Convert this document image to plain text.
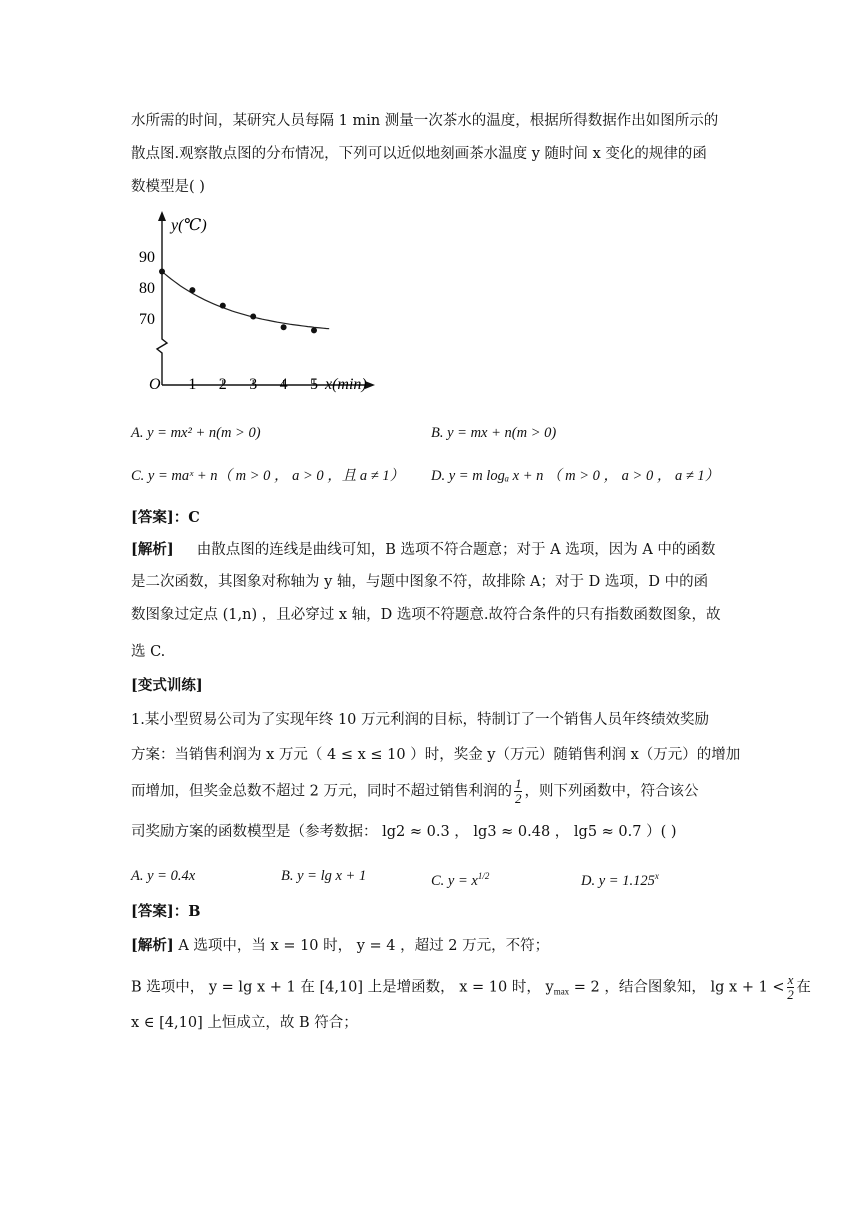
水所需的时间，某研究人员每隔 1 min 测量一次茶水的温度，根据所得数据作出如图所示的
散点图.观察散点图的分布情况，下列可以近似地刻画茶水温度 y 随时间 x 变化的规律的函
数模型是( )
y(℃)
x(min)
O
70
80
90
1 2 3 4 5
A. y = mx² + n(m > 0)	B. y = mx + n(m > 0)
C. y = maˣ + n（ m > 0 ， a > 0 ，且 a ≠ 1） D. y = m logₐ x + n （ m > 0 ， a > 0 ， a ≠ 1）
[答案]：C
[解析] 由散点图的连线是曲线可知，B 选项不符合题意；对于 A 选项，因为 A 中的函数
是二次函数，其图象对称轴为 y 轴，与题中图象不符，故排除 A；对于 D 选项，D 中的函
数图象过定点 (1,n) ，且必穿过 x 轴，D 选项不符题意.故符合条件的只有指数函数图象，故
选 C.
[变式训练]
1.某小型贸易公司为了实现年终 10 万元利润的目标，特制订了一个销售人员年终绩效奖励
方案：当销售利润为 x 万元（ 4 ≤ x ≤ 10 ）时，奖金 y（万元）随销售利润 x（万元）的增加
而增加，但奖金总数不超过 2 万元，同时不超过销售利润的 $\frac{1}{2}$ ，则下列函数中，符合该公
司奖励方案的函数模型是（参考数据： lg2 ≈ 0.3 ， lg3 ≈ 0.48 ， lg5 ≈ 0.7 ）( )
A. y = 0.4x	B. y = lg x + 1	C. $y = x^{1/2}$	D. $y = 1.125^x$
[答案]：B
[解析] A 选项中，当 x = 10 时， y = 4 ，超过 2 万元，不符；
B 选项中， y = lg x + 1 在 [4,10] 上是增函数， x = 10 时， $y_{max} = 2$ ，结合图象知， $\lg x + 1 < \frac{x}{2}$ 在
x ∈ [4,10] 上恒成立，故 B 符合；
